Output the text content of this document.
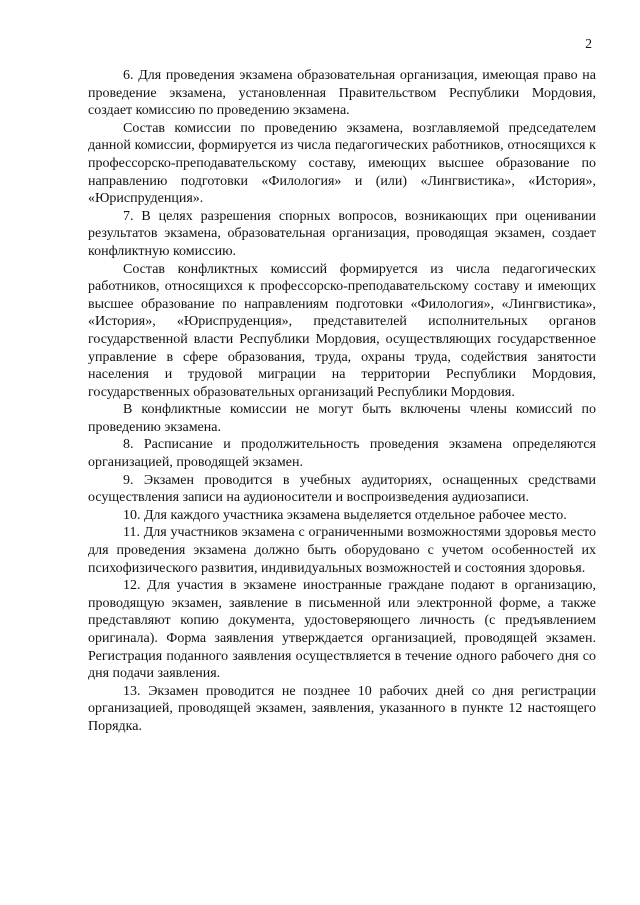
2

6. Для проведения экзамена образовательная организация, имеющая право на проведение экзамена, установленная Правительством Республики Мордовия, создает комиссию по проведению экзамена.

Состав комиссии по проведению экзамена, возглавляемой председателем данной комиссии, формируется из числа педагогических работников, относящихся к профессорско-преподавательскому составу, имеющих высшее образование по направлению подготовки «Филология» и (или) «Лингвистика», «История», «Юриспруденция».

7. В целях разрешения спорных вопросов, возникающих при оценивании результатов экзамена, образовательная организация, проводящая экзамен, создает конфликтную комиссию.

Состав конфликтных комиссий формируется из числа педагогических работников, относящихся к профессорско-преподавательскому составу и имеющих высшее образование по направлениям подготовки «Филология», «Лингвистика», «История», «Юриспруденция», представителей исполнительных органов государственной власти Республики Мордовия, осуществляющих государственное управление в сфере образования, труда, охраны труда, содействия занятости населения и трудовой миграции на территории Республики Мордовия, государственных образовательных организаций Республики Мордовия.

В конфликтные комиссии не могут быть включены члены комиссий по проведению экзамена.

8. Расписание и продолжительность проведения экзамена определяются организацией, проводящей экзамен.

9. Экзамен проводится в учебных аудиториях, оснащенных средствами осуществления записи на аудионосители и воспроизведения аудиозаписи.

10. Для каждого участника экзамена выделяется отдельное рабочее место.

11. Для участников экзамена с ограниченными возможностями здоровья место для проведения экзамена должно быть оборудовано с учетом особенностей их психофизического развития, индивидуальных возможностей и состояния здоровья.

12. Для участия в экзамене иностранные граждане подают в организацию, проводящую экзамен, заявление в письменной или электронной форме, а также представляют копию документа, удостоверяющего личность (с предъявлением оригинала). Форма заявления утверждается организацией, проводящей экзамен. Регистрация поданного заявления осуществляется в течение одного рабочего дня со дня подачи заявления.

13. Экзамен проводится не позднее 10 рабочих дней со дня регистрации организацией, проводящей экзамен, заявления, указанного в пункте 12 настоящего Порядка.
